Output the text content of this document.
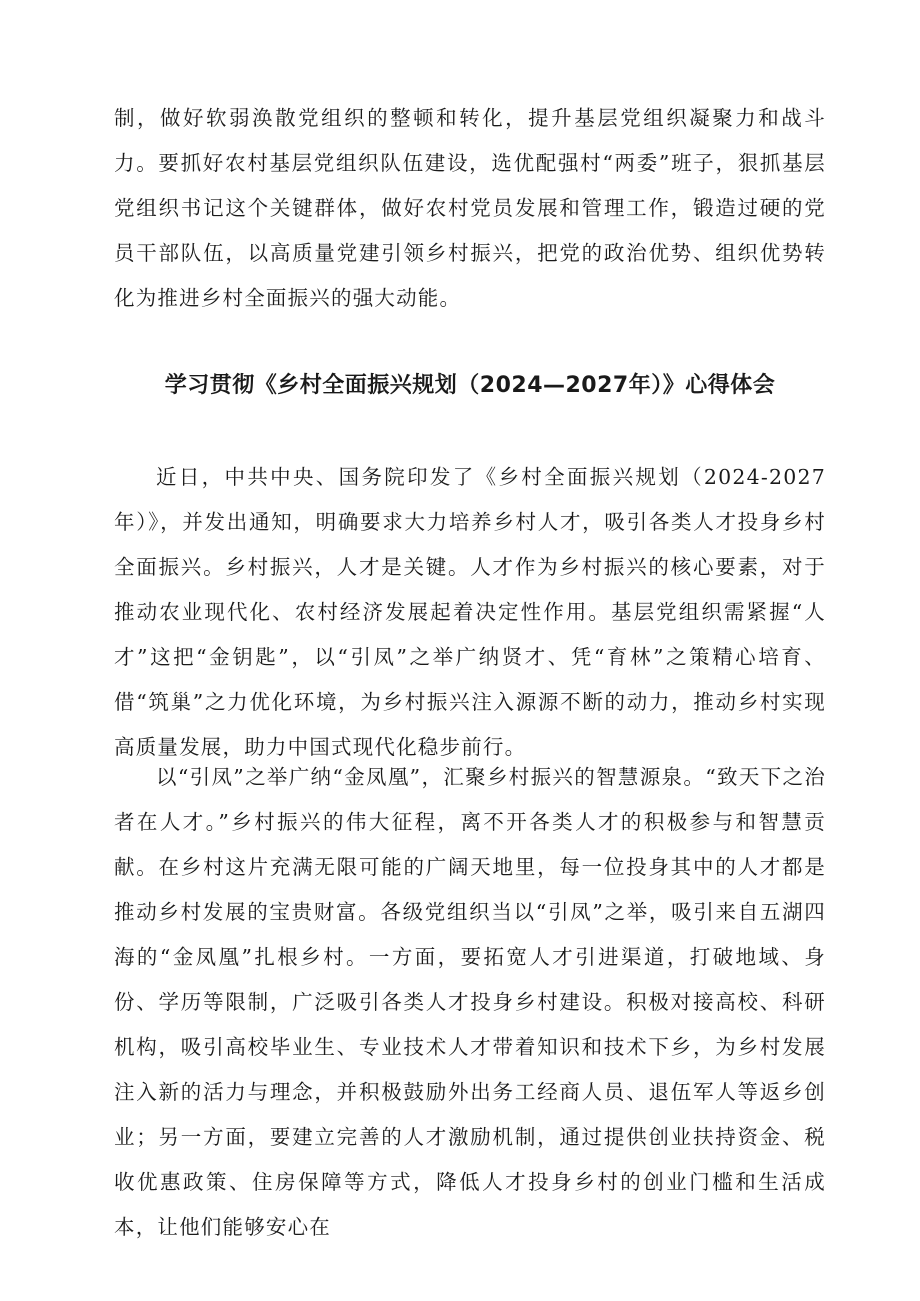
制，做好软弱涣散党组织的整顿和转化，提升基层党组织凝聚力和战斗力。要抓好农村基层党组织队伍建设，选优配强村“两委”班子，狠抓基层党组织书记这个关键群体，做好农村党员发展和管理工作，锻造过硬的党员干部队伍，以高质量党建引领乡村振兴，把党的政治优势、组织优势转化为推进乡村全面振兴的强大动能。

学习贯彻《乡村全面振兴规划（2024—2027年）》心得体会

近日，中共中央、国务院印发了《乡村全面振兴规划（2024-2027年）》，并发出通知，明确要求大力培养乡村人才，吸引各类人才投身乡村全面振兴。乡村振兴，人才是关键。人才作为乡村振兴的核心要素，对于推动农业现代化、农村经济发展起着决定性作用。基层党组织需紧握“人才”这把“金钥匙”，以“引凤”之举广纳贤才、凭“育林”之策精心培育、借“筑巢”之力优化环境，为乡村振兴注入源源不断的动力，推动乡村实现高质量发展，助力中国式现代化稳步前行。

以“引凤”之举广纳“金凤凰”，汇聚乡村振兴的智慧源泉。“致天下之治者在人才。”乡村振兴的伟大征程，离不开各类人才的积极参与和智慧贡献。在乡村这片充满无限可能的广阔天地里，每一位投身其中的人才都是推动乡村发展的宝贵财富。各级党组织当以“引凤”之举，吸引来自五湖四海的“金凤凰”扎根乡村。一方面，要拓宽人才引进渠道，打破地域、身份、学历等限制，广泛吸引各类人才投身乡村建设。积极对接高校、科研机构，吸引高校毕业生、专业技术人才带着知识和技术下乡，为乡村发展注入新的活力与理念，并积极鼓励外出务工经商人员、退伍军人等返乡创业；另一方面，要建立完善的人才激励机制，通过提供创业扶持资金、税收优惠政策、住房保障等方式，降低人才投身乡村的创业门槛和生活成本，让他们能够安心在
